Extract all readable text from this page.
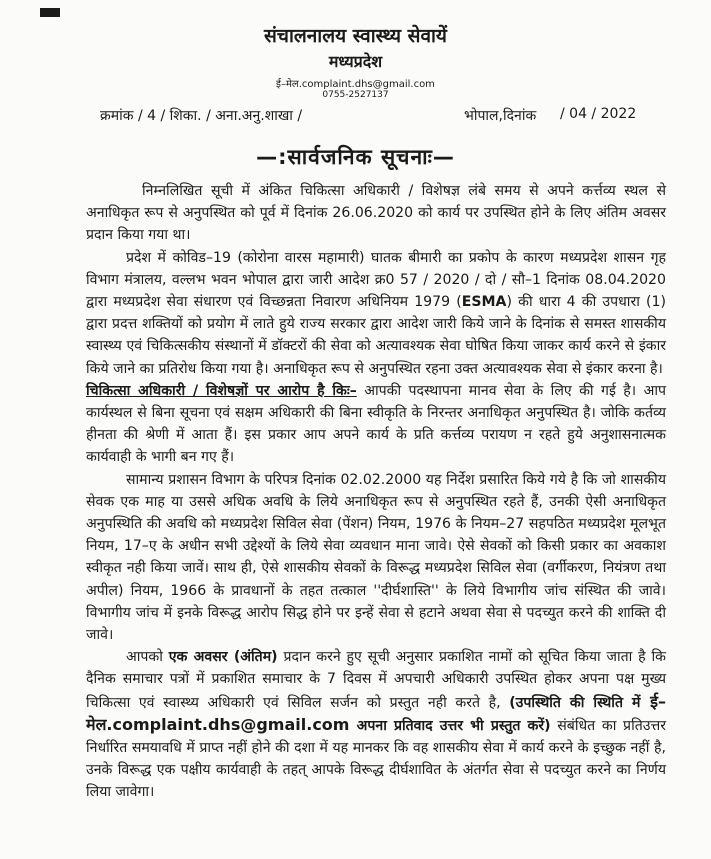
संचालनालय स्वास्थ्य सेवायें
मध्यप्रदेश
ई–मेल.complaint.dhs@gmail.com
0755-2527137
क्रमांक / 4 / शिका. / अना.अनु.शाखा /	भोपाल,दिनांक / 04 / 2022
—:सार्वजनिक सूचनाः—

निम्नलिखित सूची में अंकित चिकित्सा अधिकारी / विशेषज्ञ लंबे समय से अपने कर्त्तव्य स्थल से अनाधिकृत रूप से अनुपस्थित को पूर्व में दिनांक 26.06.2020 को कार्य पर उपस्थित होने के लिए अंतिम अवसर प्रदान किया गया था।

प्रदेश में कोविड–19 (कोरोना वारस महामारी) घातक बीमारी का प्रकोप के कारण मध्यप्रदेश शासन गृह विभाग मंत्रालय, वल्लभ भवन भोपाल द्वारा जारी आदेश क्र0 57 / 2020 / दो / सौ–1 दिनांक 08.04.2020 द्वारा मध्यप्रदेश सेवा संधारण एवं विच्छन्नता निवारण अधिनियम 1979 (ESMA) की धारा 4 की उपधारा (1) द्वारा प्रदत्त शक्तियों को प्रयोग में लाते हुये राज्य सरकार द्वारा आदेश जारी किये जाने के दिनांक से समस्त शासकीय स्वास्थ्य एवं चिकित्सकीय संस्थानों में डॉक्टरों की सेवा को अत्यावश्यक सेवा घोषित किया जाकर कार्य करने से इंकार किये जाने का प्रतिरोध किया गया है। अनाधिकृत रूप से अनुपस्थित रहना उक्त अत्यावश्यक सेवा से इंकार करना है।

चिकित्सा अधिकारी / विशेषज्ञों पर आरोप है किः– आपकी पदस्थापना मानव सेवा के लिए की गई है। आप कार्यस्थल से बिना सूचना एवं सक्षम अधिकारी की बिना स्वीकृति के निरन्तर अनाधिकृत अनुपस्थित है। जोकि कर्तव्य हीनता की श्रेणी में आता हैं। इस प्रकार आप अपने कार्य के प्रति कर्त्तव्य परायण न रहते हुये अनुशासनात्मक कार्यवाही के भागी बन गए हैं।

सामान्य प्रशासन विभाग के परिपत्र दिनांक 02.02.2000 यह निर्देश प्रसारित किये गये है कि जो शासकीय सेवक एक माह या उससे अधिक अवधि के लिये अनाधिकृत रूप से अनुपस्थित रहते हैं, उनकी ऐसी अनाधिकृत अनुपस्थिति की अवधि को मध्यप्रदेश सिविल सेवा (पेंशन) नियम, 1976 के नियम–27 सहपठित मध्यप्रदेश मूलभूत नियम, 17–ए के अधीन सभी उद्देश्यों के लिये सेवा व्यवधान माना जावे। ऐसे सेवकों को किसी प्रकार का अवकाश स्वीकृत नही किया जावें। साथ ही, ऐसे शासकीय सेवकों के विरूद्ध मध्यप्रदेश सिविल सेवा (वर्गीकरण, नियंत्रण तथा अपील) नियम, 1966 के प्रावधानों के तहत तत्काल ''दीर्घशास्ति'' के लिये विभागीय जांच संस्थित की जावे। विभागीय जांच में इनके विरूद्ध आरोप सिद्ध होने पर इन्हें सेवा से हटाने अथवा सेवा से पदच्युत करने की शाक्ति दी जावे।

आपको एक अवसर (अंतिम) प्रदान करने हुए सूची अनुसार प्रकाशित नामों को सूचित किया जाता है कि दैनिक समाचार पत्रों में प्रकाशित समाचार के 7 दिवस में अपचारी अधिकारी उपस्थित होकर अपना पक्ष मुख्य चिकित्सा एवं स्वास्थ्य अधिकारी एवं सिविल सर्जन को प्रस्तुत नही करते है, (उपस्थिति की स्थिति में ई–मेल.complaint.dhs@gmail.com अपना प्रतिवाद उत्तर भी प्रस्तुत करें) संबंधित का प्रतिउत्तर निर्धारित समयावधि में प्राप्त नहीं होने की दशा में यह मानकर कि वह शासकीय सेवा में कार्य करने के इच्छुक नहीं है, उनके विरूद्ध एक पक्षीय कार्यवाही के तहत् आपके विरूद्ध दीर्घशावित के अंतर्गत सेवा से पदच्युत करने का निर्णय लिया जावेगा।
